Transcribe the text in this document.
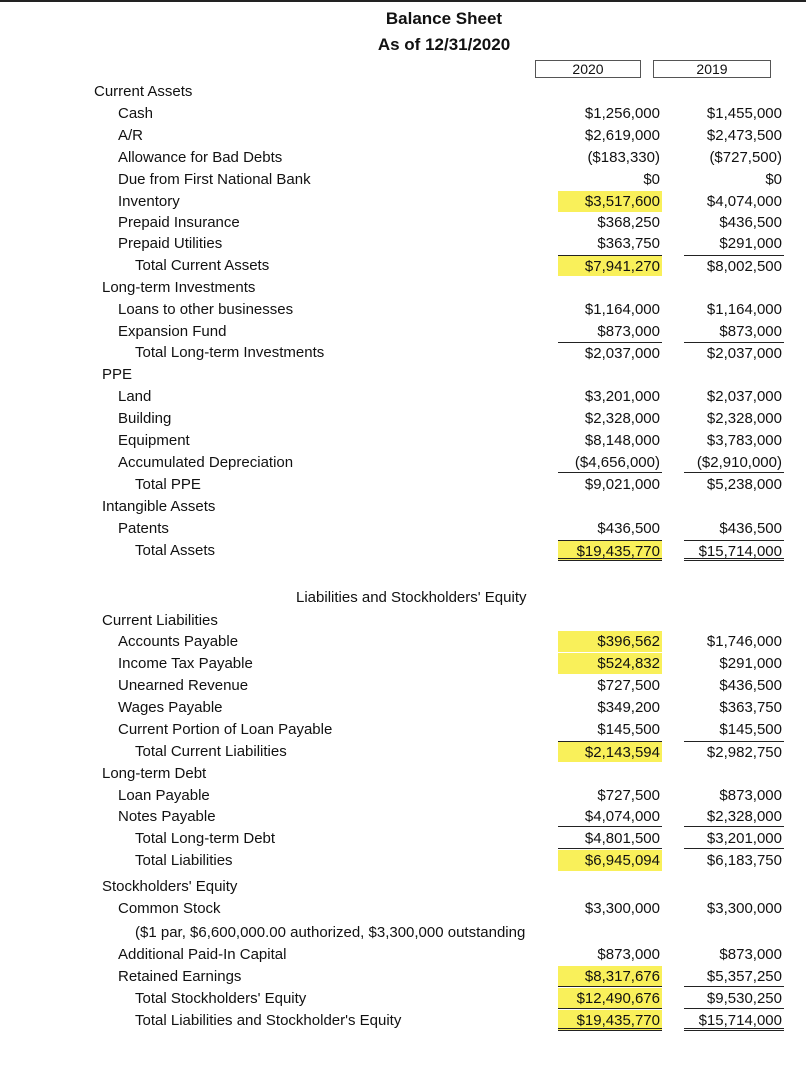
Balance Sheet
As of 12/31/2020
2020	2019
Current Assets
Cash	$1,256,000	$1,455,000
A/R	$2,619,000	$2,473,500
Allowance for Bad Debts	($183,330)	($727,500)
Due from First National Bank	$0	$0
Inventory	$3,517,600	$4,074,000
Prepaid Insurance	$368,250	$436,500
Prepaid Utilities	$363,750	$291,000
Total Current Assets	$7,941,270	$8,002,500
Long-term Investments
Loans to other businesses	$1,164,000	$1,164,000
Expansion Fund	$873,000	$873,000
Total Long-term Investments	$2,037,000	$2,037,000
PPE
Land	$3,201,000	$2,037,000
Building	$2,328,000	$2,328,000
Equipment	$8,148,000	$3,783,000
Accumulated Depreciation	($4,656,000)	($2,910,000)
Total PPE	$9,021,000	$5,238,000
Intangible Assets
Patents	$436,500	$436,500
Total Assets	$19,435,770	$15,714,000
Liabilities and Stockholders' Equity
Current Liabilities
Accounts Payable	$396,562	$1,746,000
Income Tax Payable	$524,832	$291,000
Unearned Revenue	$727,500	$436,500
Wages Payable	$349,200	$363,750
Current Portion of Loan Payable	$145,500	$145,500
Total Current Liabilities	$2,143,594	$2,982,750
Long-term Debt
Loan Payable	$727,500	$873,000
Notes Payable	$4,074,000	$2,328,000
Total Long-term Debt	$4,801,500	$3,201,000
Total Liabilities	$6,945,094	$6,183,750
Stockholders' Equity
Common Stock	$3,300,000	$3,300,000
($1 par, $6,600,000.00 authorized, $3,300,000 outstanding
Additional Paid-In Capital	$873,000	$873,000
Retained Earnings	$8,317,676	$5,357,250
Total Stockholders' Equity	$12,490,676	$9,530,250
Total Liabilities and Stockholder's Equity	$19,435,770	$15,714,000
